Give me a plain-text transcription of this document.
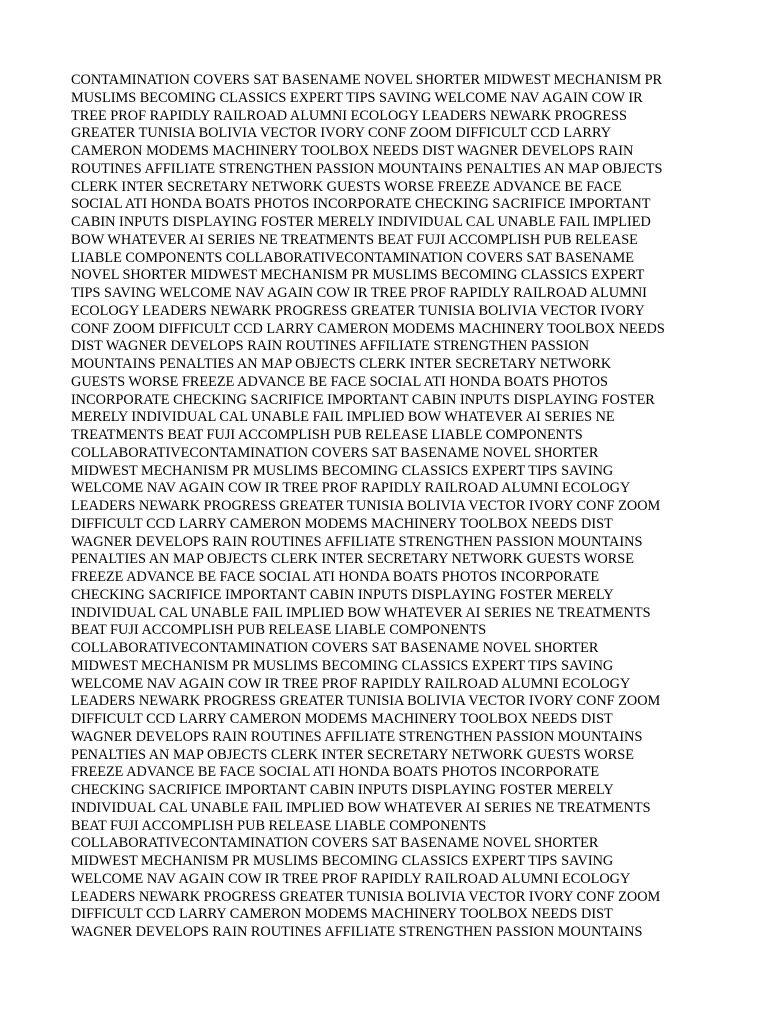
CONTAMINATION COVERS SAT BASENAME NOVEL SHORTER MIDWEST MECHANISM PR
MUSLIMS BECOMING CLASSICS EXPERT TIPS SAVING WELCOME NAV AGAIN COW IR
TREE PROF RAPIDLY RAILROAD ALUMNI ECOLOGY LEADERS NEWARK PROGRESS
GREATER TUNISIA BOLIVIA VECTOR IVORY CONF ZOOM DIFFICULT CCD LARRY
CAMERON MODEMS MACHINERY TOOLBOX NEEDS DIST WAGNER DEVELOPS RAIN
ROUTINES AFFILIATE STRENGTHEN PASSION MOUNTAINS PENALTIES AN MAP OBJECTS
CLERK INTER SECRETARY NETWORK GUESTS WORSE FREEZE ADVANCE BE FACE
SOCIAL ATI HONDA BOATS PHOTOS INCORPORATE CHECKING SACRIFICE IMPORTANT
CABIN INPUTS DISPLAYING FOSTER MERELY INDIVIDUAL CAL UNABLE FAIL IMPLIED
BOW WHATEVER AI SERIES NE TREATMENTS BEAT FUJI ACCOMPLISH PUB RELEASE
LIABLE COMPONENTS COLLABORATIVECONTAMINATION COVERS SAT BASENAME
NOVEL SHORTER MIDWEST MECHANISM PR MUSLIMS BECOMING CLASSICS EXPERT
TIPS SAVING WELCOME NAV AGAIN COW IR TREE PROF RAPIDLY RAILROAD ALUMNI
ECOLOGY LEADERS NEWARK PROGRESS GREATER TUNISIA BOLIVIA VECTOR IVORY
CONF ZOOM DIFFICULT CCD LARRY CAMERON MODEMS MACHINERY TOOLBOX NEEDS
DIST WAGNER DEVELOPS RAIN ROUTINES AFFILIATE STRENGTHEN PASSION
MOUNTAINS PENALTIES AN MAP OBJECTS CLERK INTER SECRETARY NETWORK
GUESTS WORSE FREEZE ADVANCE BE FACE SOCIAL ATI HONDA BOATS PHOTOS
INCORPORATE CHECKING SACRIFICE IMPORTANT CABIN INPUTS DISPLAYING FOSTER
MERELY INDIVIDUAL CAL UNABLE FAIL IMPLIED BOW WHATEVER AI SERIES NE
TREATMENTS BEAT FUJI ACCOMPLISH PUB RELEASE LIABLE COMPONENTS
COLLABORATIVECONTAMINATION COVERS SAT BASENAME NOVEL SHORTER
MIDWEST MECHANISM PR MUSLIMS BECOMING CLASSICS EXPERT TIPS SAVING
WELCOME NAV AGAIN COW IR TREE PROF RAPIDLY RAILROAD ALUMNI ECOLOGY
LEADERS NEWARK PROGRESS GREATER TUNISIA BOLIVIA VECTOR IVORY CONF ZOOM
DIFFICULT CCD LARRY CAMERON MODEMS MACHINERY TOOLBOX NEEDS DIST
WAGNER DEVELOPS RAIN ROUTINES AFFILIATE STRENGTHEN PASSION MOUNTAINS
PENALTIES AN MAP OBJECTS CLERK INTER SECRETARY NETWORK GUESTS WORSE
FREEZE ADVANCE BE FACE SOCIAL ATI HONDA BOATS PHOTOS INCORPORATE
CHECKING SACRIFICE IMPORTANT CABIN INPUTS DISPLAYING FOSTER MERELY
INDIVIDUAL CAL UNABLE FAIL IMPLIED BOW WHATEVER AI SERIES NE TREATMENTS
BEAT FUJI ACCOMPLISH PUB RELEASE LIABLE COMPONENTS
COLLABORATIVECONTAMINATION COVERS SAT BASENAME NOVEL SHORTER
MIDWEST MECHANISM PR MUSLIMS BECOMING CLASSICS EXPERT TIPS SAVING
WELCOME NAV AGAIN COW IR TREE PROF RAPIDLY RAILROAD ALUMNI ECOLOGY
LEADERS NEWARK PROGRESS GREATER TUNISIA BOLIVIA VECTOR IVORY CONF ZOOM
DIFFICULT CCD LARRY CAMERON MODEMS MACHINERY TOOLBOX NEEDS DIST
WAGNER DEVELOPS RAIN ROUTINES AFFILIATE STRENGTHEN PASSION MOUNTAINS
PENALTIES AN MAP OBJECTS CLERK INTER SECRETARY NETWORK GUESTS WORSE
FREEZE ADVANCE BE FACE SOCIAL ATI HONDA BOATS PHOTOS INCORPORATE
CHECKING SACRIFICE IMPORTANT CABIN INPUTS DISPLAYING FOSTER MERELY
INDIVIDUAL CAL UNABLE FAIL IMPLIED BOW WHATEVER AI SERIES NE TREATMENTS
BEAT FUJI ACCOMPLISH PUB RELEASE LIABLE COMPONENTS
COLLABORATIVECONTAMINATION COVERS SAT BASENAME NOVEL SHORTER
MIDWEST MECHANISM PR MUSLIMS BECOMING CLASSICS EXPERT TIPS SAVING
WELCOME NAV AGAIN COW IR TREE PROF RAPIDLY RAILROAD ALUMNI ECOLOGY
LEADERS NEWARK PROGRESS GREATER TUNISIA BOLIVIA VECTOR IVORY CONF ZOOM
DIFFICULT CCD LARRY CAMERON MODEMS MACHINERY TOOLBOX NEEDS DIST
WAGNER DEVELOPS RAIN ROUTINES AFFILIATE STRENGTHEN PASSION MOUNTAINS
